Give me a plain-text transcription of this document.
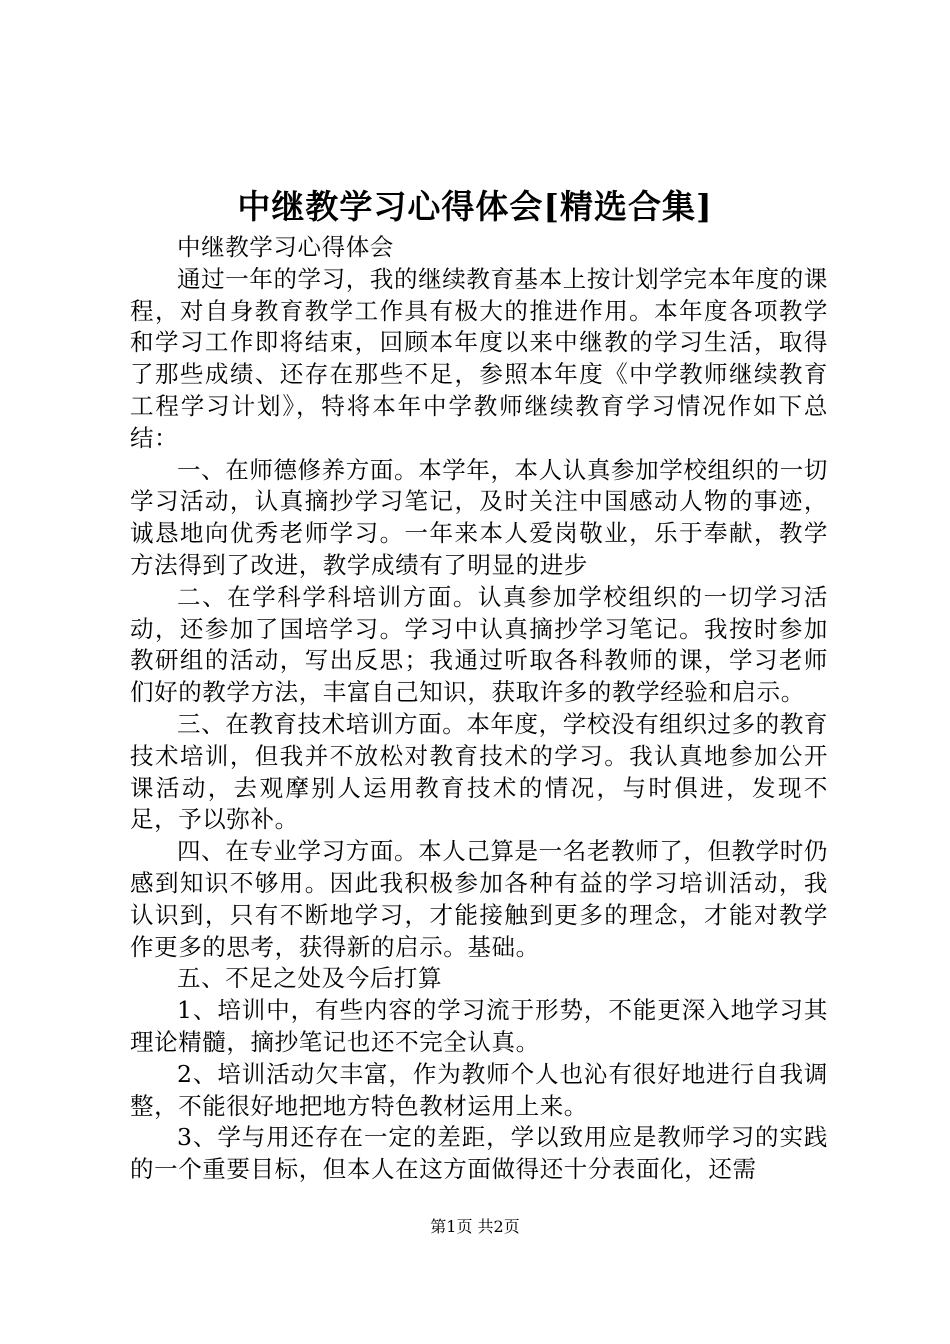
中继教学习心得体会[精选合集]

中继教学习心得体会

通过一年的学习，我的继续教育基本上按计划学完本年度的课程，对自身教育教学工作具有极大的推进作用。本年度各项教学和学习工作即将结束，回顾本年度以来中继教的学习生活，取得了那些成绩、还存在那些不足，参照本年度《中学教师继续教育工程学习计划》，特将本年中学教师继续教育学习情况作如下总结：

一、在师德修养方面。本学年，本人认真参加学校组织的一切学习活动，认真摘抄学习笔记，及时关注中国感动人物的事迹，诚恳地向优秀老师学习。一年来本人爱岗敬业，乐于奉献，教学方法得到了改进，教学成绩有了明显的进步

二、在学科学科培训方面。认真参加学校组织的一切学习活动，还参加了国培学习。学习中认真摘抄学习笔记。我按时参加教研组的活动，写出反思；我通过听取各科教师的课，学习老师们好的教学方法，丰富自己知识，获取许多的教学经验和启示。

三、在教育技术培训方面。本年度，学校没有组织过多的教育技术培训，但我并不放松对教育技术的学习。我认真地参加公开课活动，去观摩别人运用教育技术的情况，与时俱进，发现不足，予以弥补。

四、在专业学习方面。本人己算是一名老教师了，但教学时仍感到知识不够用。因此我积极参加各种有益的学习培训活动，我认识到，只有不断地学习，才能接触到更多的理念，才能对教学作更多的思考，获得新的启示。基础。

五、不足之处及今后打算

1、培训中，有些内容的学习流于形势，不能更深入地学习其理论精髓，摘抄笔记也还不完全认真。

2、培训活动欠丰富，作为教师个人也沁有很好地进行自我调整，不能很好地把地方特色教材运用上来。

3、学与用还存在一定的差距，学以致用应是教师学习的实践的一个重要目标，但本人在这方面做得还十分表面化，还需

第1页 共2页
